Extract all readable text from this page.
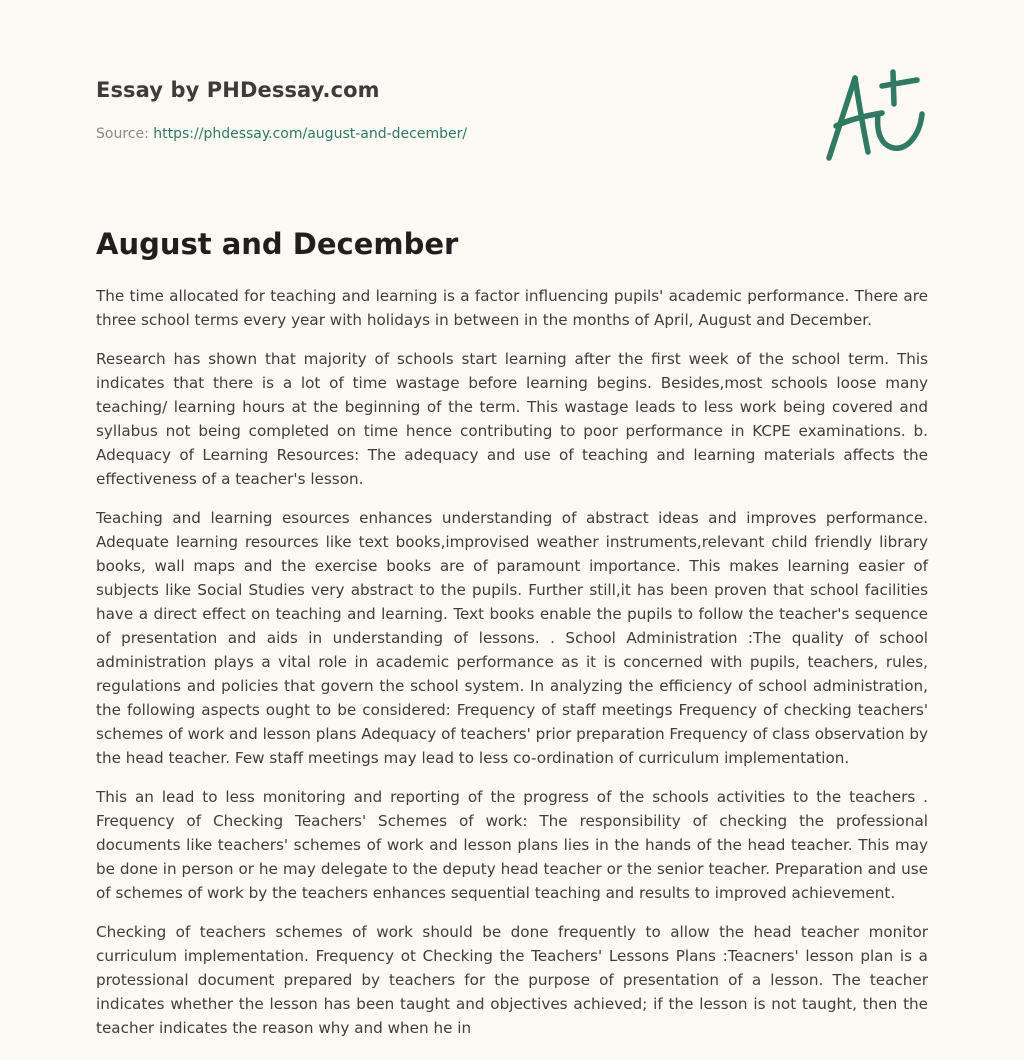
Essay by PHDessay.com
Source: https://phdessay.com/august-and-december/
August and December

The time allocated for teaching and learning is a factor influencing pupils' academic performance. There are three school terms every year with holidays in between in the months of April, August and December.

Research has shown that majority of schools start learning after the first week of the school term. This indicates that there is a lot of time wastage before learning begins. Besides,most schools loose many teaching/ learning hours at the beginning of the term. This wastage leads to less work being covered and syllabus not being completed on time hence contributing to poor performance in KCPE examinations. b. Adequacy of Learning Resources: The adequacy and use of teaching and learning materials affects the effectiveness of a teacher's lesson.

Teaching and learning esources enhances understanding of abstract ideas and improves performance. Adequate learning resources like text books,improvised weather instruments,relevant child friendly library books, wall maps and the exercise books are of paramount importance. This makes learning easier of subjects like Social Studies very abstract to the pupils. Further still,it has been proven that school facilities have a direct effect on teaching and learning. Text books enable the pupils to follow the teacher's sequence of presentation and aids in understanding of lessons. . School Administration :The quality of school administration plays a vital role in academic performance as it is concerned with pupils, teachers, rules, regulations and policies that govern the school system. In analyzing the efficiency of school administration, the following aspects ought to be considered: Frequency of staff meetings Frequency of checking teachers' schemes of work and lesson plans Adequacy of teachers' prior preparation Frequency of class observation by the head teacher. Few staff meetings may lead to less co-ordination of curriculum implementation.

This an lead to less monitoring and reporting of the progress of the schools activities to the teachers . Frequency of Checking Teachers' Schemes of work: The responsibility of checking the professional documents like teachers' schemes of work and lesson plans lies in the hands of the head teacher. This may be done in person or he may delegate to the deputy head teacher or the senior teacher. Preparation and use of schemes of work by the teachers enhances sequential teaching and results to improved achievement.

Checking of teachers schemes of work should be done frequently to allow the head teacher monitor curriculum implementation. Frequency ot Checking the Teachers' Lessons Plans :Teacners' lesson plan is a protessional document prepared by teachers for the purpose of presentation of a lesson. The teacher indicates whether the lesson has been taught and objectives achieved; if the lesson is not taught, then the teacher indicates the reason why and when he in
